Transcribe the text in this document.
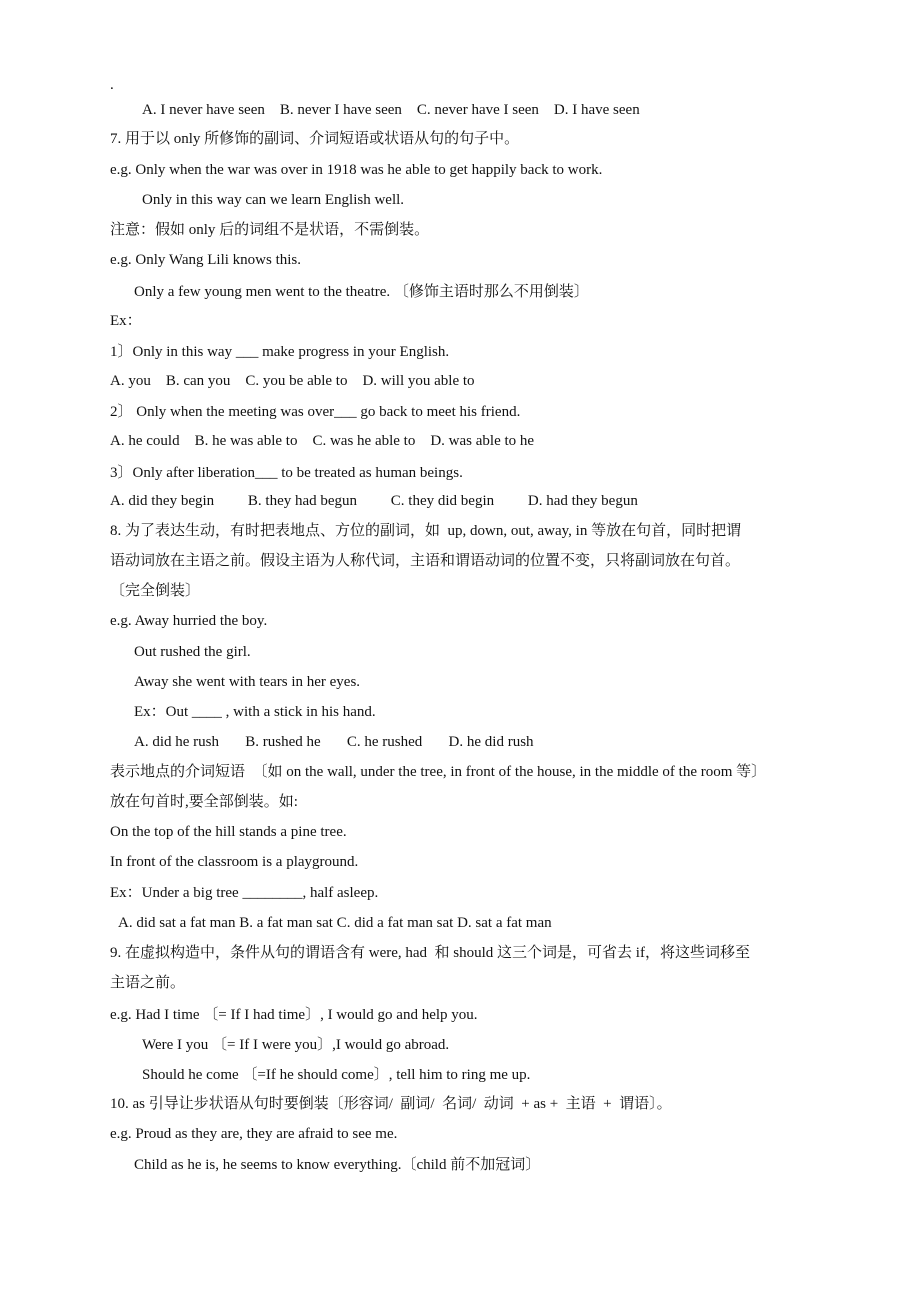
.
A. I never have seen    B. never I have seen    C. never have I seen    D. I have seen
7. 用于以 only 所修饰的副词、介词短语或状语从句的句子中。
e.g. Only when the war was over in 1918 was he able to get happily back to work.
Only in this way can we learn English well.
注意：假如 only 后的词组不是状语，不需倒装。
e.g. Only Wang Lili knows this.
Only a few young men went to the theatre. 〔修饰主语时那么不用倒装〕
Ex：
1〕Only in this way ___ make progress in your English.
A. you    B. can you    C. you be able to    D. will you able to
2〕 Only when the meeting was over___ go back to meet his friend.
A. he could    B. he was able to    C. was he able to    D. was able to he
3〕Only after liberation___ to be treated as human beings.
A. did they begin         B. they had begun         C. they did begin         D. had they begun
8. 为了表达生动，有时把表地点、方位的副词，如  up, down, out, away, in 等放在句首，同时把谓
语动词放在主语之前。假设主语为人称代词，主语和谓语动词的位置不变，只将副词放在句首。
〔完全倒装〕
e.g. Away hurried the boy.
Out rushed the girl.
Away she went with tears in her eyes.
Ex：Out ____ , with a stick in his hand.
A. did he rush       B. rushed he       C. he rushed       D. he did rush
表示地点的介词短语  〔如 on the wall, under the tree, in front of the house, in the middle of the room 等〕
放在句首时,要全部倒装。如:
On the top of the hill stands a pine tree.
In front of the classroom is a playground.
Ex：Under a big tree ________, half asleep.
A. did sat a fat man B. a fat man sat C. did a fat man sat D. sat a fat man
9. 在虚拟构造中，条件从句的谓语含有 were, had  和 should 这三个词是，可省去 if，将这些词移至
主语之前。
e.g. Had I time 〔= If I had time〕, I would go and help you.
Were I you 〔= If I were you〕,I would go abroad.
Should he come 〔=If he should come〕, tell him to ring me up.
10. as 引导让步状语从句时要倒装〔形容词/  副词/  名词/  动词  + as +  主语  +  谓语〕。
e.g. Proud as they are, they are afraid to see me.
Child as he is, he seems to know everything.〔child 前不加冠词〕
